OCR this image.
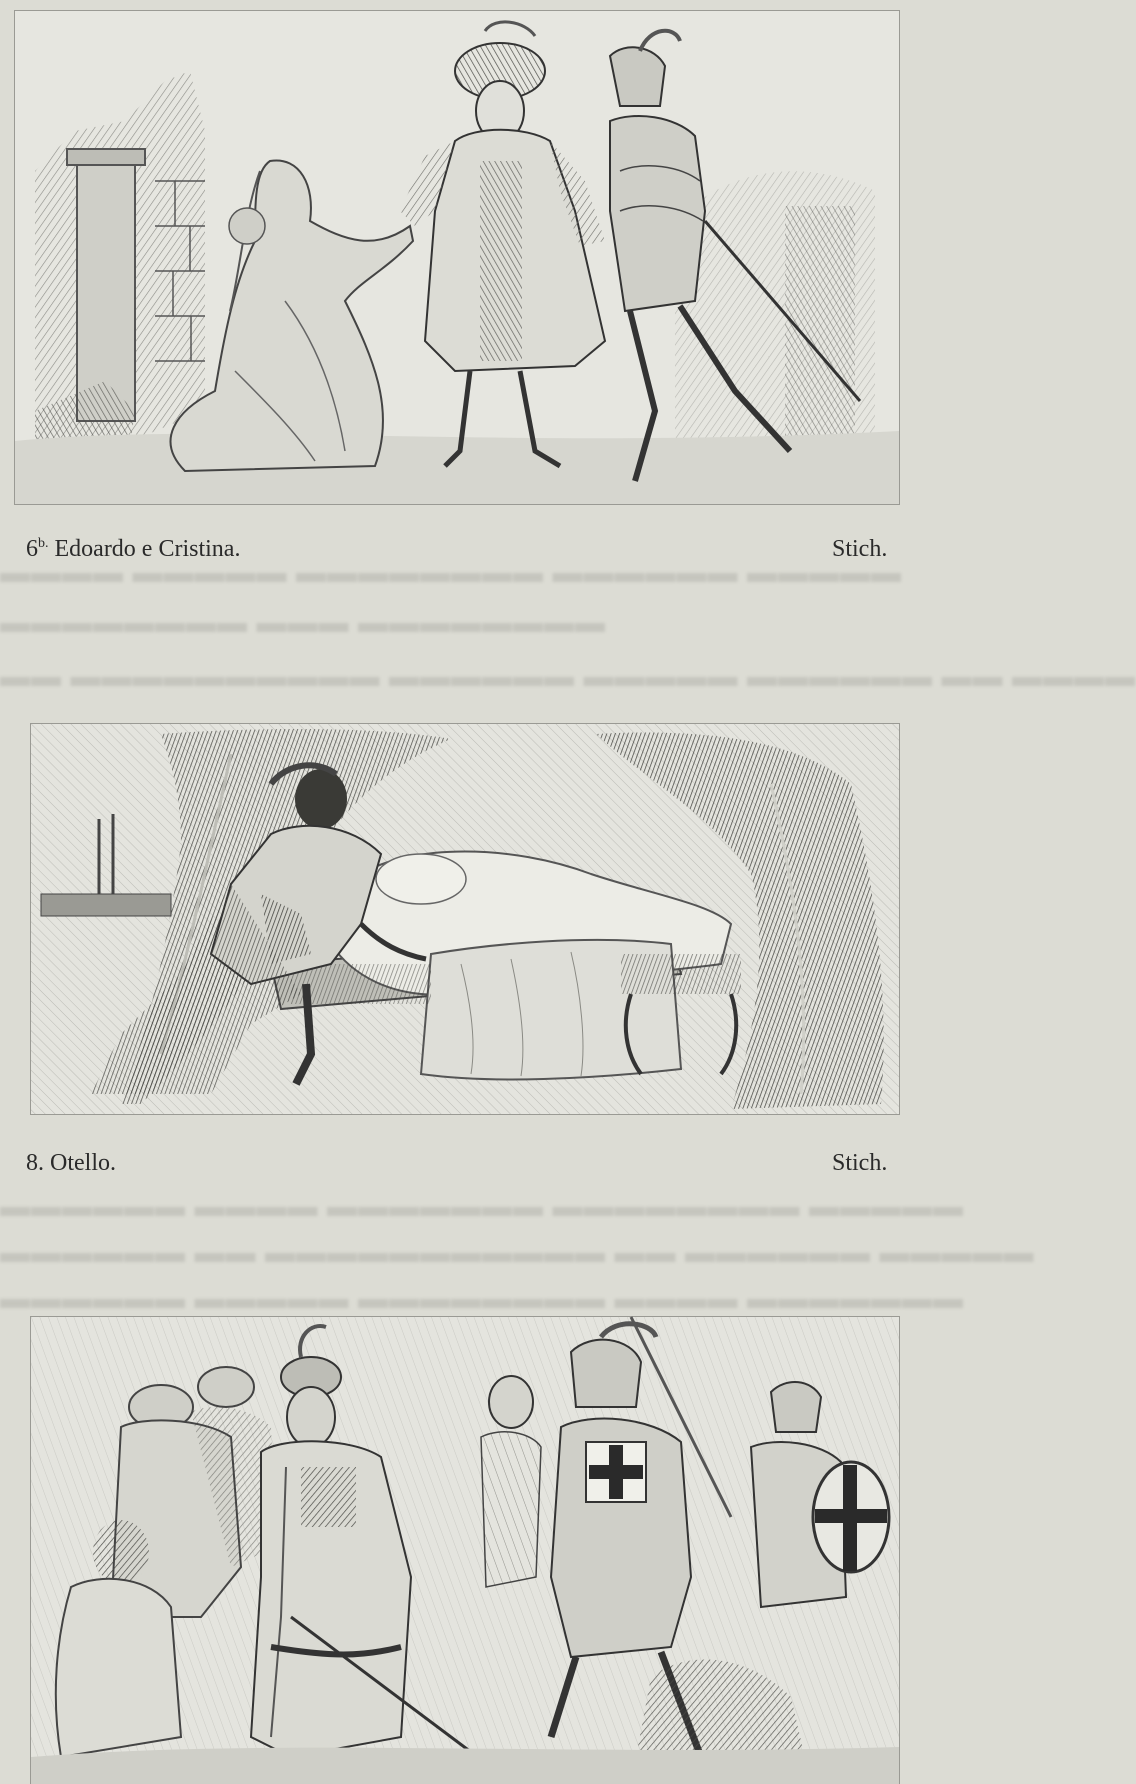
▬▬▬▬ ▬▬▬▬▬ ▬▬▬▬▬▬▬▬ ▬▬▬▬▬▬ ▬▬▬▬▬
▬▬▬▬▬▬▬▬ ▬▬▬ ▬▬▬▬▬▬▬▬
▬▬ ▬▬▬▬▬▬▬▬▬▬ ▬▬▬▬▬▬ ▬▬▬▬▬ ▬▬▬▬▬▬ ▬▬ ▬▬▬▬
▬▬▬▬▬▬ ▬▬▬▬ ▬▬▬▬▬▬▬ ▬▬▬▬▬▬▬▬ ▬▬▬▬▬
▬▬▬▬▬▬ ▬▬ ▬▬▬▬▬▬▬▬▬▬▬ ▬▬ ▬▬▬▬▬▬ ▬▬▬▬▬
▬▬▬▬▬▬ ▬▬▬▬▬ ▬▬▬▬▬▬▬▬ ▬▬▬▬ ▬▬▬▬▬▬▬
$6^{b.}$ Edoardo e Cristina.	Stich.
8. Otello.	Stich.
